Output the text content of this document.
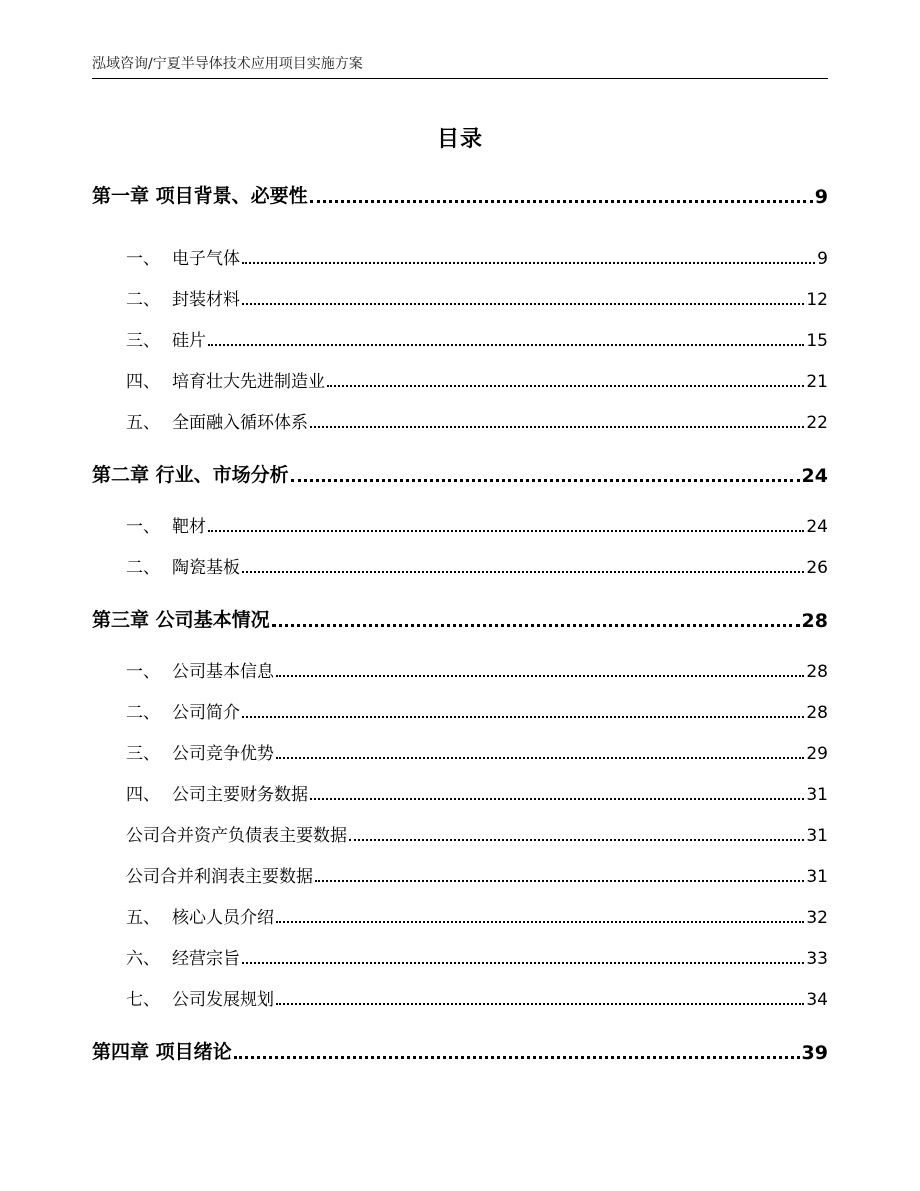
泓域咨询/宁夏半导体技术应用项目实施方案
目录
第一章 项目背景、必要性	9
一、 电子气体	9
二、 封装材料	12
三、 硅片	15
四、 培育壮大先进制造业	21
五、 全面融入循环体系	22
第二章 行业、市场分析	24
一、 靶材	24
二、 陶瓷基板	26
第三章 公司基本情况	28
一、 公司基本信息	28
二、 公司简介	28
三、 公司竞争优势	29
四、 公司主要财务数据	31
公司合并资产负债表主要数据	31
公司合并利润表主要数据	31
五、 核心人员介绍	32
六、 经营宗旨	33
七、 公司发展规划	34
第四章 项目绪论	39
